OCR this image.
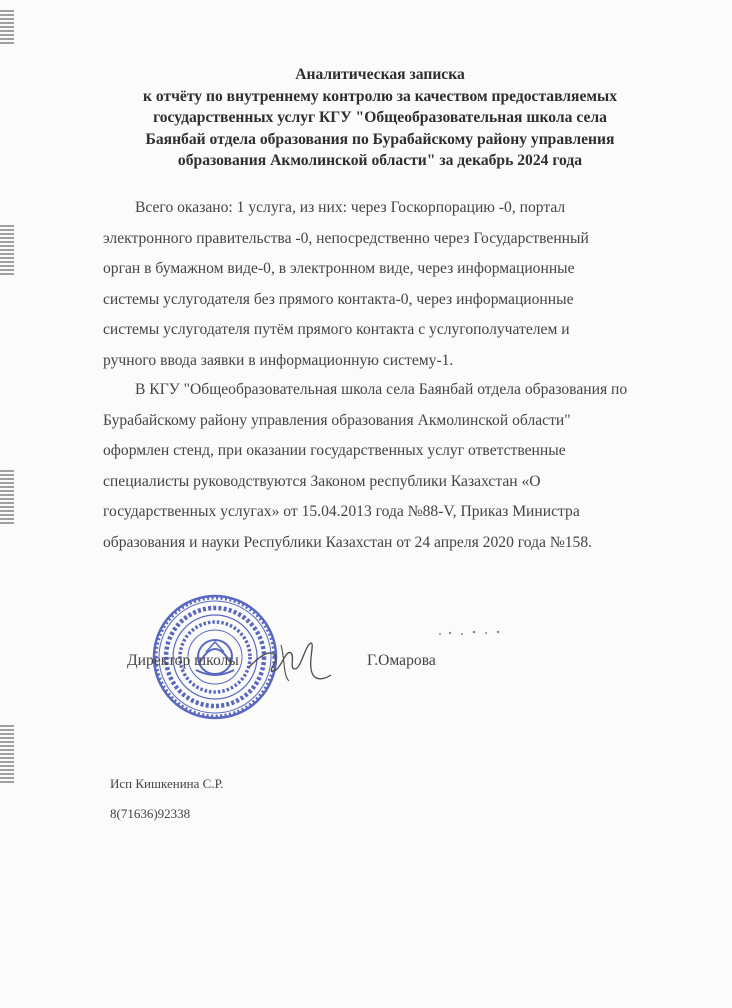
Аналитическая записка
к отчёту по внутреннему контролю за качеством предоставляемых
государственных услуг КГУ "Общеобразовательная школа села
Баянбай отдела образования по Бурабайскому району управления
образования Акмолинской области" за декабрь 2024 года
Всего оказано: 1 услуга, из них: через Госкорпорацию -0, портал
электронного правительства -0, непосредственно через Государственный
орган в бумажном виде-0, в электронном виде, через информационные
системы услугодателя без прямого контакта-0, через информационные
системы услугодателя путём прямого контакта с услугополучателем и
ручного ввода заявки в информационную систему-1.
В КГУ "Общеобразовательная школа села Баянбай отдела образования по
Бурабайскому району управления образования Акмолинской области"
оформлен стенд, при оказании государственных услуг ответственные
специалисты руководствуются Законом республики Казахстан «О
государственных услугах» от 15.04.2013 года №88-V, Приказ Министра
образования и науки Республики Казахстан от 24 апреля 2020 года №158.
Директор школы	Г.Омарова
Исп Кишкенина С.Р.
8(71636)92338
